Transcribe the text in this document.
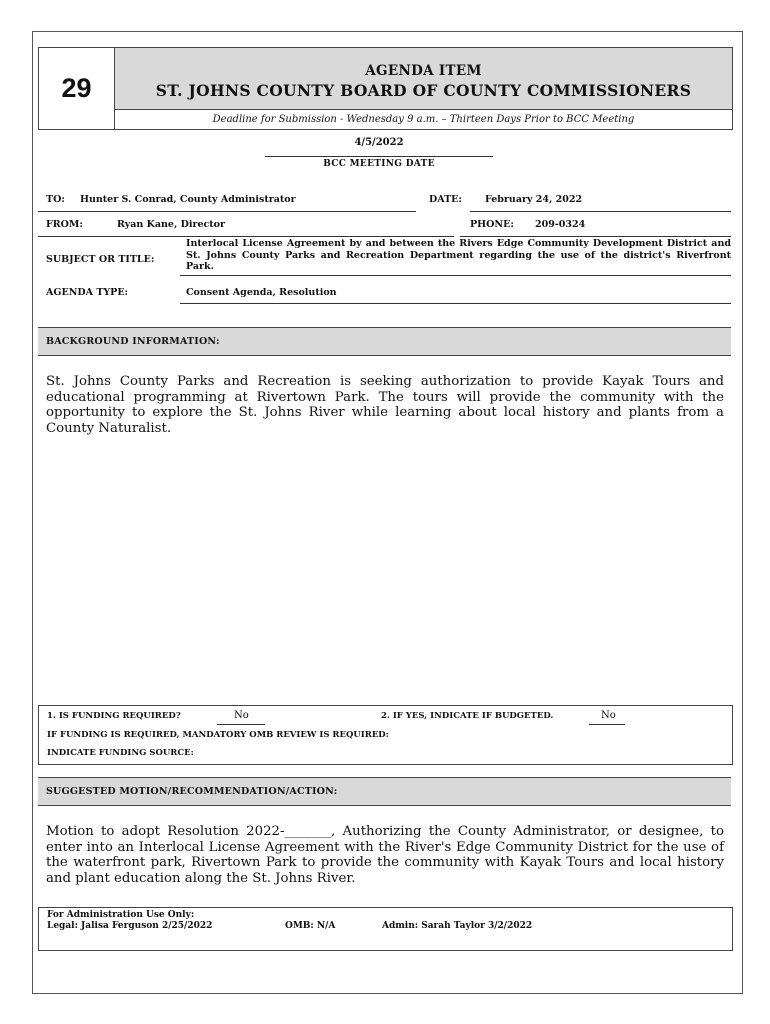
29
AGENDA ITEM
ST. JOHNS COUNTY BOARD OF COUNTY COMMISSIONERS
Deadline for Submission - Wednesday 9 a.m. – Thirteen Days Prior to BCC Meeting
4/5/2022
BCC MEETING DATE
TO: Hunter S. Conrad, County Administrator	DATE: February 24, 2022
FROM:	Ryan Kane, Director	PHONE: 209-0324
SUBJECT OR TITLE:
Interlocal License Agreement by and between the Rivers Edge Community Development District and St. Johns County Parks and Recreation Department regarding the use of the district's Riverfront Park.
AGENDA TYPE:	Consent Agenda, Resolution
BACKGROUND INFORMATION:
St. Johns County Parks and Recreation is seeking authorization to provide Kayak Tours and educational programming at Rivertown Park. The tours will provide the community with the opportunity to explore the St. Johns River while learning about local history and plants from a County Naturalist.
1. IS FUNDING REQUIRED?	No	2. IF YES, INDICATE IF BUDGETED.	No
IF FUNDING IS REQUIRED, MANDATORY OMB REVIEW IS REQUIRED:
INDICATE FUNDING SOURCE:
SUGGESTED MOTION/RECOMMENDATION/ACTION:
Motion to adopt Resolution 2022-_______, Authorizing the County Administrator, or designee, to enter into an Interlocal License Agreement with the River's Edge Community District for the use of the waterfront park, Rivertown Park to provide the community with Kayak Tours and local history and plant education along the St. Johns River.
For Administration Use Only:
Legal: Jalisa Ferguson 2/25/2022	OMB: N/A	Admin: Sarah Taylor 3/2/2022
